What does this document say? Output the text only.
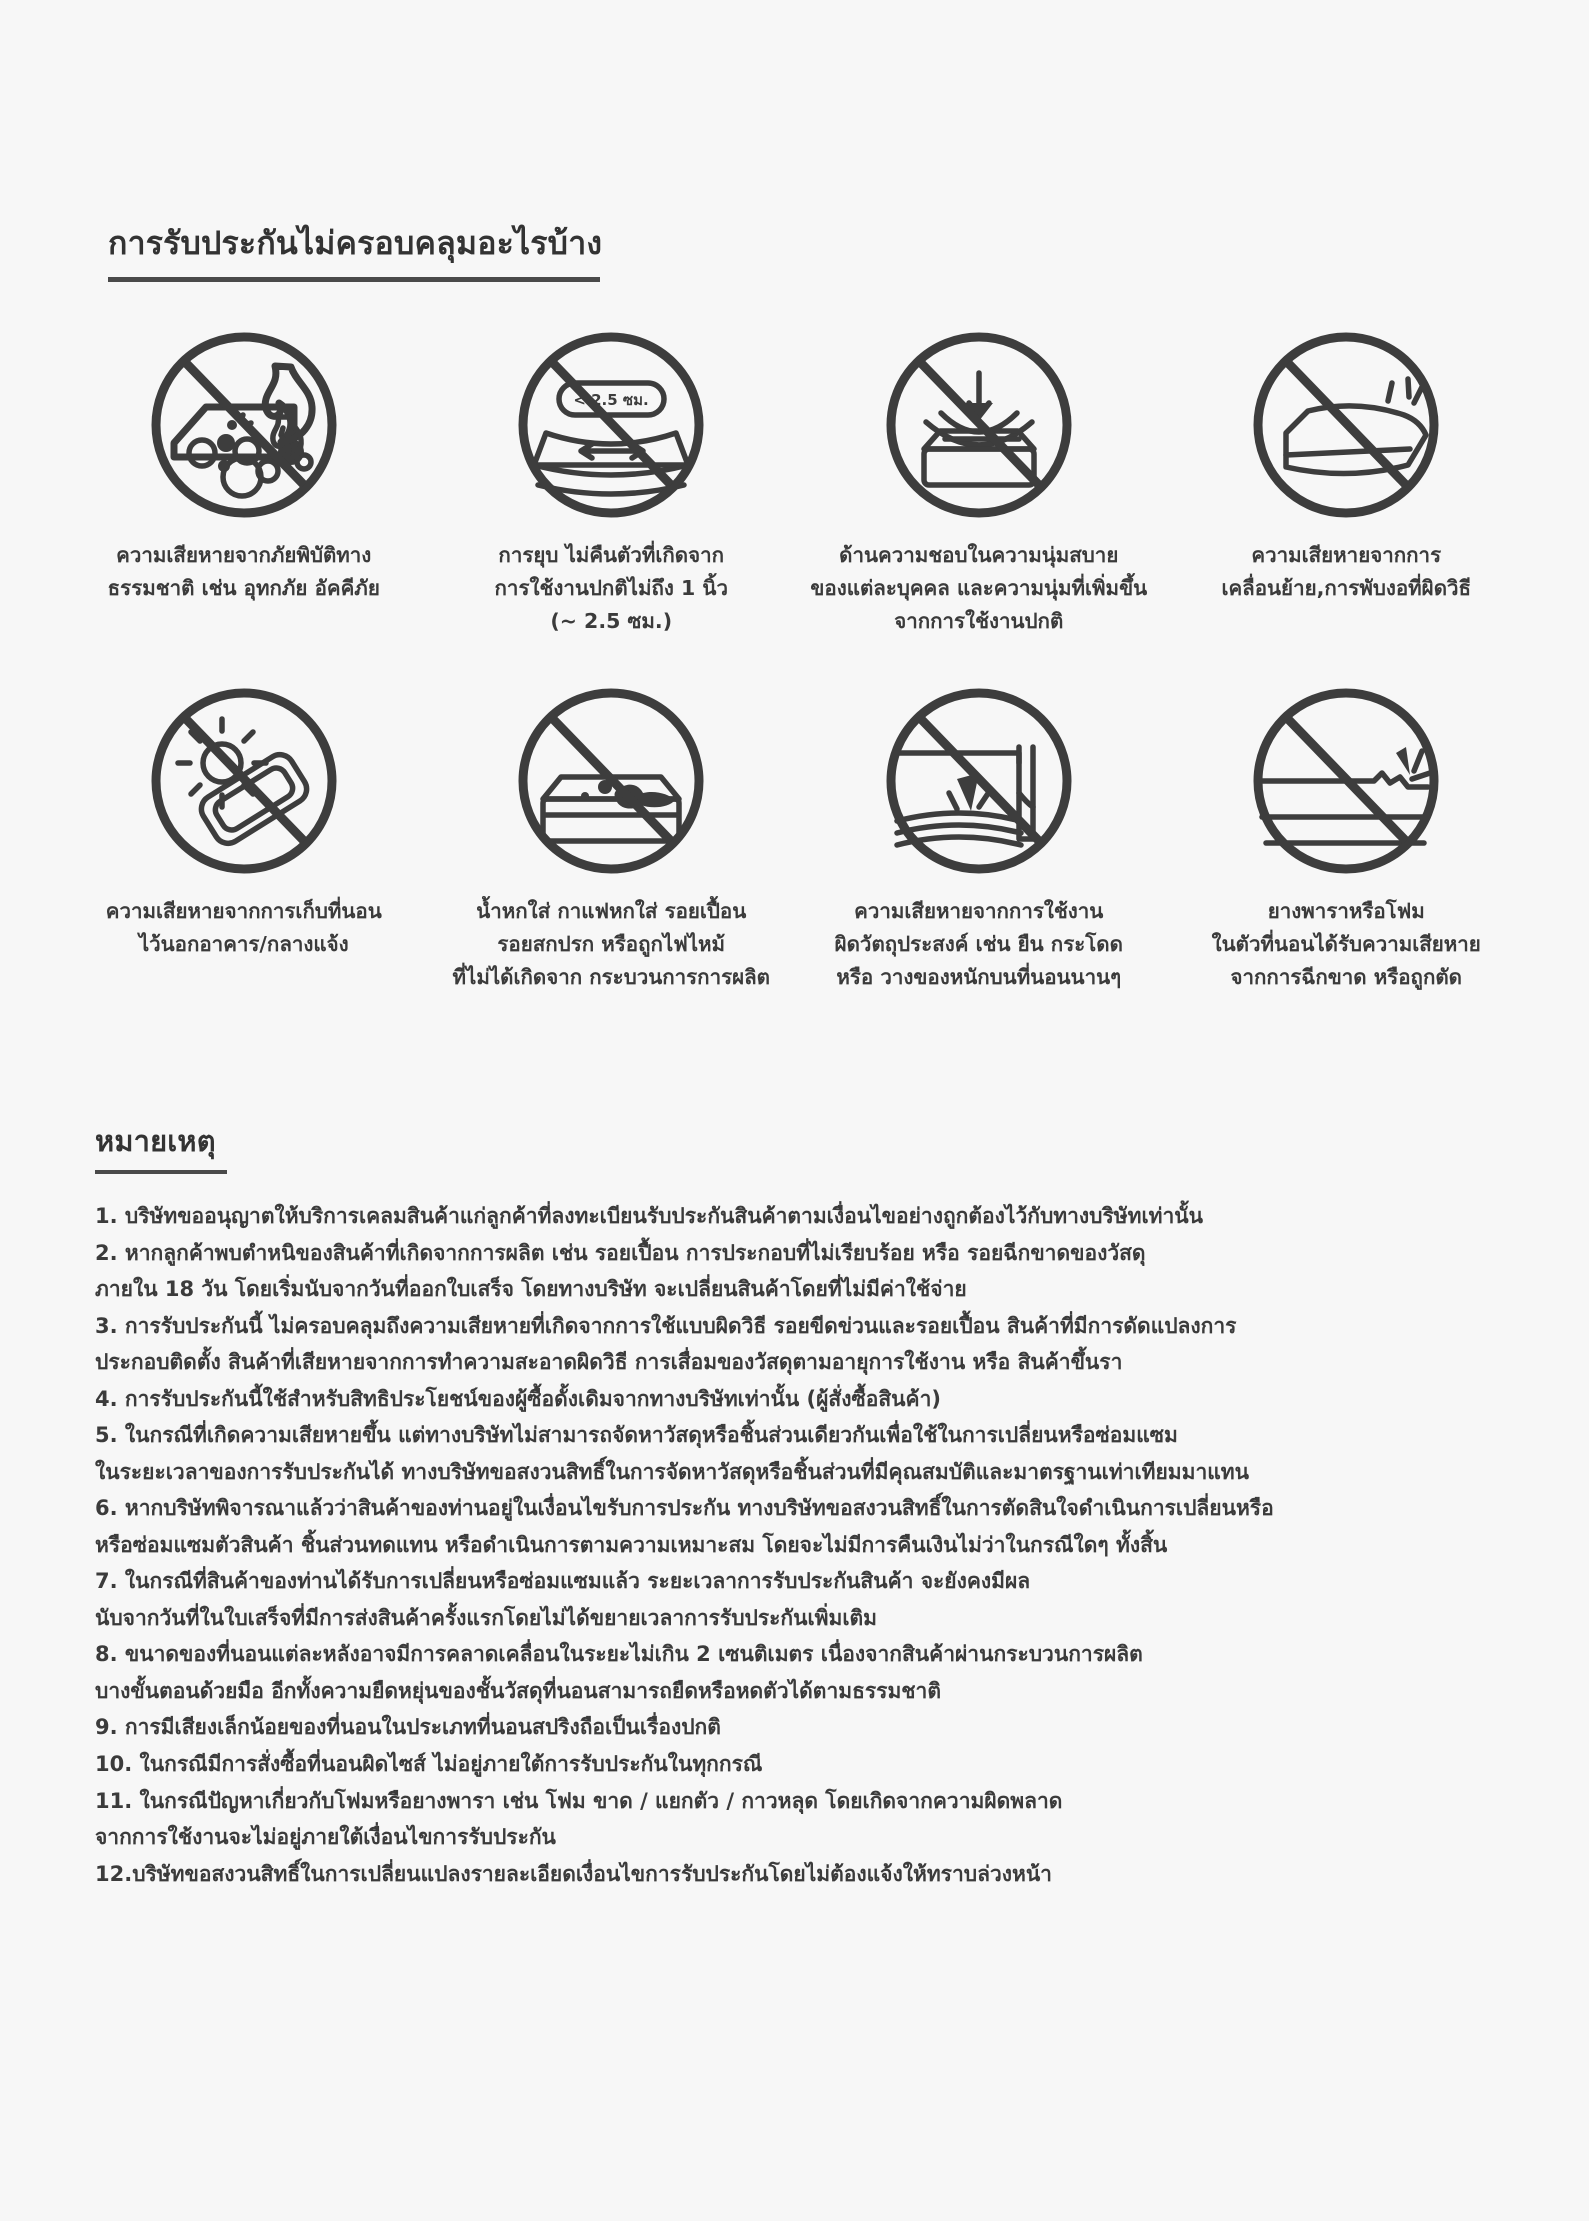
การรับประกันไม่ครอบคลุมอะไรบ้าง
ความเสียหายจากภัยพิบัติทาง
ธรรมชาติ เช่น อุทกภัย อัคคีภัย
< 2.5 ซม.
การยุบ ไม่คืนตัวที่เกิดจาก
การใช้งานปกติไม่ถึง 1 นิ้ว
(~ 2.5 ซม.)
ด้านความชอบในความนุ่มสบาย
ของแต่ละบุคคล และความนุ่มที่เพิ่มขึ้น
จากการใช้งานปกติ
ความเสียหายจากการ
เคลื่อนย้าย,การพับงอที่ผิดวิธี
ความเสียหายจากการเก็บที่นอน
ไว้นอกอาคาร/กลางแจ้ง
น้ำหกใส่ กาแฟหกใส่ รอยเปื้อน
รอยสกปรก หรือถูกไฟไหม้
ที่ไม่ได้เกิดจาก กระบวนการการผลิต
ความเสียหายจากการใช้งาน
ผิดวัตถุประสงค์ เช่น ยืน กระโดด
หรือ วางของหนักบนที่นอนนานๆ
ยางพาราหรือโฟม
ในตัวที่นอนได้รับความเสียหาย
จากการฉีกขาด หรือถูกตัด
หมายเหตุ
1. บริษัทขออนุญาตให้บริการเคลมสินค้าแก่ลูกค้าที่ลงทะเบียนรับประกันสินค้าตามเงื่อนไขอย่างถูกต้องไว้กับทางบริษัทเท่านั้น
2. หากลูกค้าพบตำหนิของสินค้าที่เกิดจากการผลิต เช่น รอยเปื้อน การประกอบที่ไม่เรียบร้อย หรือ รอยฉีกขาดของวัสดุ
ภายใน 18 วัน โดยเริ่มนับจากวันที่ออกใบเสร็จ โดยทางบริษัท จะเปลี่ยนสินค้าโดยที่ไม่มีค่าใช้จ่าย
3. การรับประกันนี้ ไม่ครอบคลุมถึงความเสียหายที่เกิดจากการใช้แบบผิดวิธี รอยขีดข่วนและรอยเปื้อน สินค้าที่มีการดัดแปลงการ
ประกอบติดตั้ง สินค้าที่เสียหายจากการทำความสะอาดผิดวิธี การเสื่อมของวัสดุตามอายุการใช้งาน หรือ สินค้าขึ้นรา
4. การรับประกันนี้ใช้สำหรับสิทธิประโยชน์ของผู้ซื้อดั้งเดิมจากทางบริษัทเท่านั้น (ผู้สั่งซื้อสินค้า)
5. ในกรณีที่เกิดความเสียหายขึ้น แต่ทางบริษัทไม่สามารถจัดหาวัสดุหรือชิ้นส่วนเดียวกันเพื่อใช้ในการเปลี่ยนหรือซ่อมแซม
ในระยะเวลาของการรับประกันได้ ทางบริษัทขอสงวนสิทธิ์ในการจัดหาวัสดุหรือชิ้นส่วนที่มีคุณสมบัติและมาตรฐานเท่าเทียมมาแทน
6. หากบริษัทพิจารณาแล้วว่าสินค้าของท่านอยู่ในเงื่อนไขรับการประกัน ทางบริษัทขอสงวนสิทธิ์ในการตัดสินใจดำเนินการเปลี่ยนหรือ
หรือซ่อมแซมตัวสินค้า ชิ้นส่วนทดแทน หรือดำเนินการตามความเหมาะสม โดยจะไม่มีการคืนเงินไม่ว่าในกรณีใดๆ ทั้งสิ้น
7. ในกรณีที่สินค้าของท่านได้รับการเปลี่ยนหรือซ่อมแซมแล้ว ระยะเวลาการรับประกันสินค้า จะยังคงมีผล
นับจากวันที่ในใบเสร็จที่มีการส่งสินค้าครั้งแรกโดยไม่ได้ขยายเวลาการรับประกันเพิ่มเติม
8. ขนาดของที่นอนแต่ละหลังอาจมีการคลาดเคลื่อนในระยะไม่เกิน 2 เซนติเมตร เนื่องจากสินค้าผ่านกระบวนการผลิต
บางขั้นตอนด้วยมือ อีกทั้งความยืดหยุ่นของชั้นวัสดุที่นอนสามารถยืดหรือหดตัวได้ตามธรรมชาติ
9. การมีเสียงเล็กน้อยของที่นอนในประเภทที่นอนสปริงถือเป็นเรื่องปกติ
10. ในกรณีมีการสั่งซื้อที่นอนผิดไซส์ ไม่อยู่ภายใต้การรับประกันในทุกกรณี
11. ในกรณีปัญหาเกี่ยวกับโฟมหรือยางพารา เช่น โฟม ขาด / แยกตัว / กาวหลุด โดยเกิดจากความผิดพลาด
จากการใช้งานจะไม่อยู่ภายใต้เงื่อนไขการรับประกัน
12.บริษัทขอสงวนสิทธิ์ในการเปลี่ยนแปลงรายละเอียดเงื่อนไขการรับประกันโดยไม่ต้องแจ้งให้ทราบล่วงหน้า
